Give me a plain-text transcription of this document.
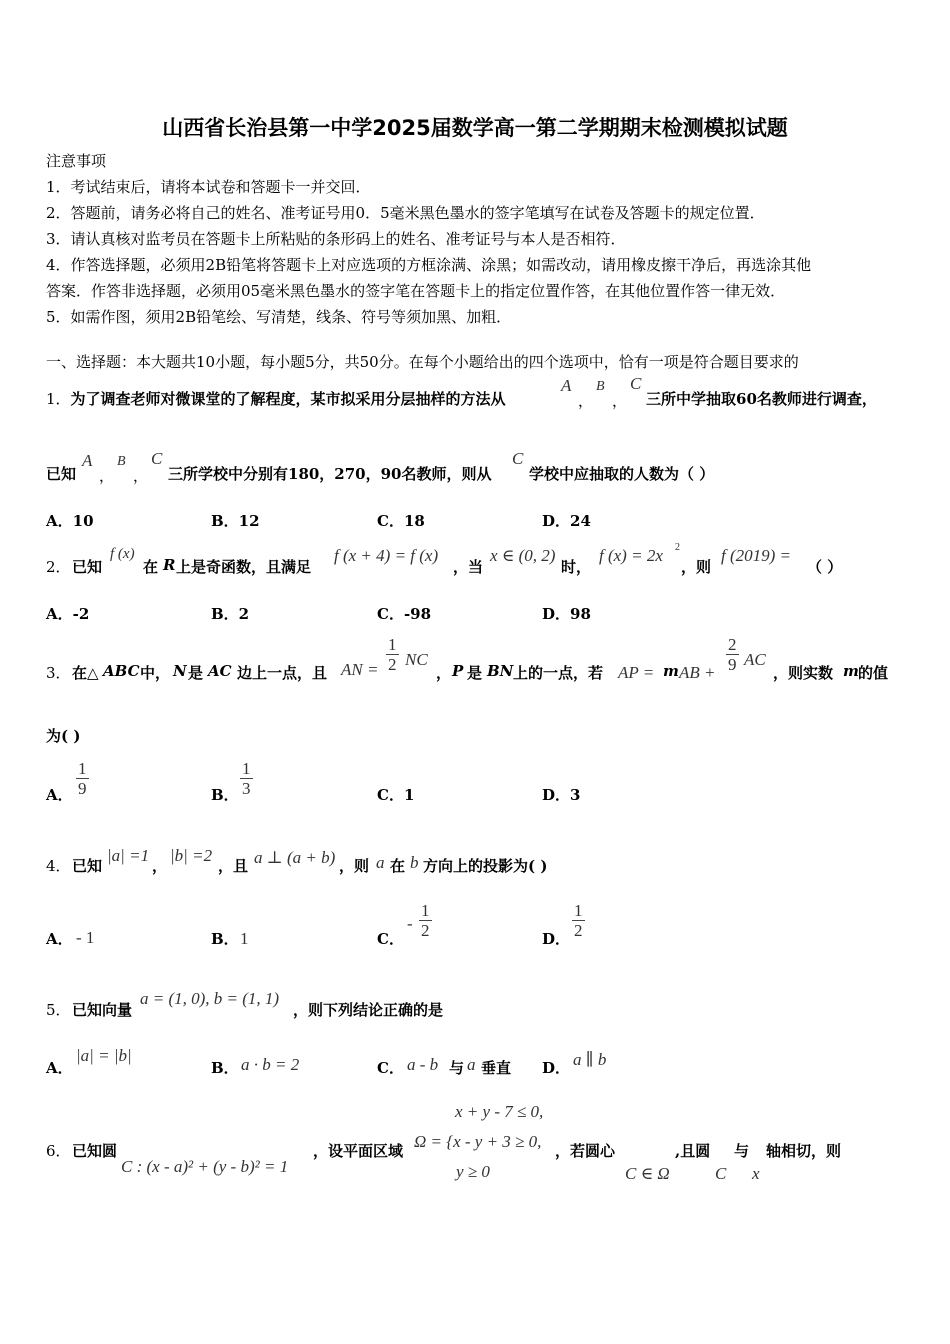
山西省长治县第一中学2025届数学高一第二学期期末检测模拟试题
注意事项
1．考试结束后，请将本试卷和答题卡一并交回．
2．答题前，请务必将自己的姓名、准考证号用0．5毫米黑色墨水的签字笔填写在试卷及答题卡的规定位置．
3．请认真核对监考员在答题卡上所粘贴的条形码上的姓名、准考证号与本人是否相符．
4．作答选择题，必须用2B铅笔将答题卡上对应选项的方框涂满、涂黑；如需改动，请用橡皮擦干净后，再选涂其他
答案．作答非选择题，必须用05毫米黑色墨水的签字笔在答题卡上的指定位置作答，在其他位置作答一律无效．
5．如需作图，须用2B铅笔绘、写清楚，线条、符号等须加黑、加粗．
一、选择题：本大题共10小题，每小题5分，共50分。在每个小题给出的四个选项中，恰有一项是符合题目要求的
1．为了调查老师对微课堂的了解程度，某市拟采用分层抽样的方法从
A
，
B
，
C
三所中学抽取60名教师进行调查，
已知
A
，
B
，
C
三所学校中分别有180，270，90名教师，则从
C
学校中应抽取的人数为（ ）
A．10	B．12	C．18	D．24
2． 已知
f (x)
在 R 上是奇函数，且满足
f (x + 4) = f (x)
，当
x ∈ (0, 2)
时，
f (x) = 2x 2
，则
f (2019) =
（ ）
A．-2	B．2	C．-98	D．98
3． 在△ ABC 中， N 是 AC 边上一点，且 AN = $\frac{1}{2}$ NC
， P 是 BN 上的一点，若 AP = m AB + $\frac{2}{9}$ AC
，则实数 m 的值
为( )
A． $\frac{1}{9}$	B． $\frac{1}{3}$	C．1	D．3
4． 已知
|a| =1
，
|b| =2
，且 a ⊥ (a + b) ，则 a 在 b 方向上的投影为( )
A． - 1	B． 1	C．
- $\frac{1}{2}$	D． $\frac{1}{2}$
5． 已知向量
a = (1, 0), b = (1, 1)
，则下列结论正确的是
A．
|a| = |b|
B． a · b = 2	C． a - b 与 a 垂直 D． a ∥ b
6． 已知圆
C : (x - a)² + (y - b)² = 1
，设平面区域
x + y - 7 ≤ 0,
Ω = {x - y + 3 ≥ 0,
y ≥ 0
，若圆心
C ∈ Ω
,且圆
C
与
x
轴相切，则
